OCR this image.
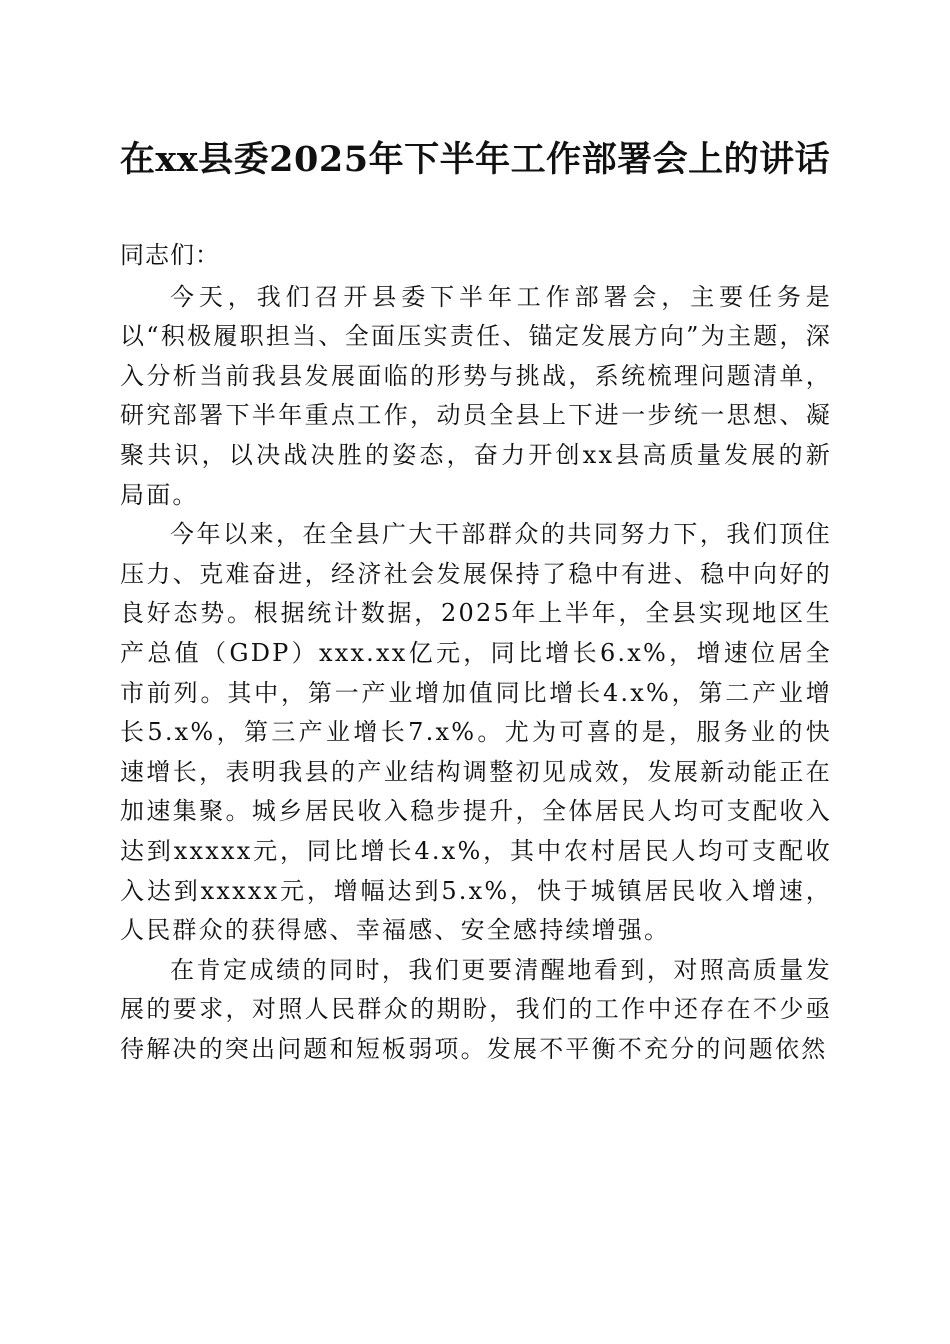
在xx县委2025年下半年工作部署会上的讲话

同志们：

今天，我们召开县委下半年工作部署会，主要任务是以“积极履职担当、全面压实责任、锚定发展方向”为主题，深入分析当前我县发展面临的形势与挑战，系统梳理问题清单，研究部署下半年重点工作，动员全县上下进一步统一思想、凝聚共识，以决战决胜的姿态，奋力开创xx县高质量发展的新局面。

今年以来，在全县广大干部群众的共同努力下，我们顶住压力、克难奋进，经济社会发展保持了稳中有进、稳中向好的良好态势。根据统计数据，2025年上半年，全县实现地区生产总值（GDP）xxx.xx亿元，同比增长6.x%，增速位居全市前列。其中，第一产业增加值同比增长4.x%，第二产业增长5.x%，第三产业增长7.x%。尤为可喜的是，服务业的快速增长，表明我县的产业结构调整初见成效，发展新动能正在加速集聚。城乡居民收入稳步提升，全体居民人均可支配收入达到xxxxx元，同比增长4.x%，其中农村居民人均可支配收入达到xxxxx元，增幅达到5.x%，快于城镇居民收入增速，人民群众的获得感、幸福感、安全感持续增强。

在肯定成绩的同时，我们更要清醒地看到，对照高质量发展的要求，对照人民群众的期盼，我们的工作中还存在不少亟待解决的突出问题和短板弱项。发展不平衡不充分的问题依然
